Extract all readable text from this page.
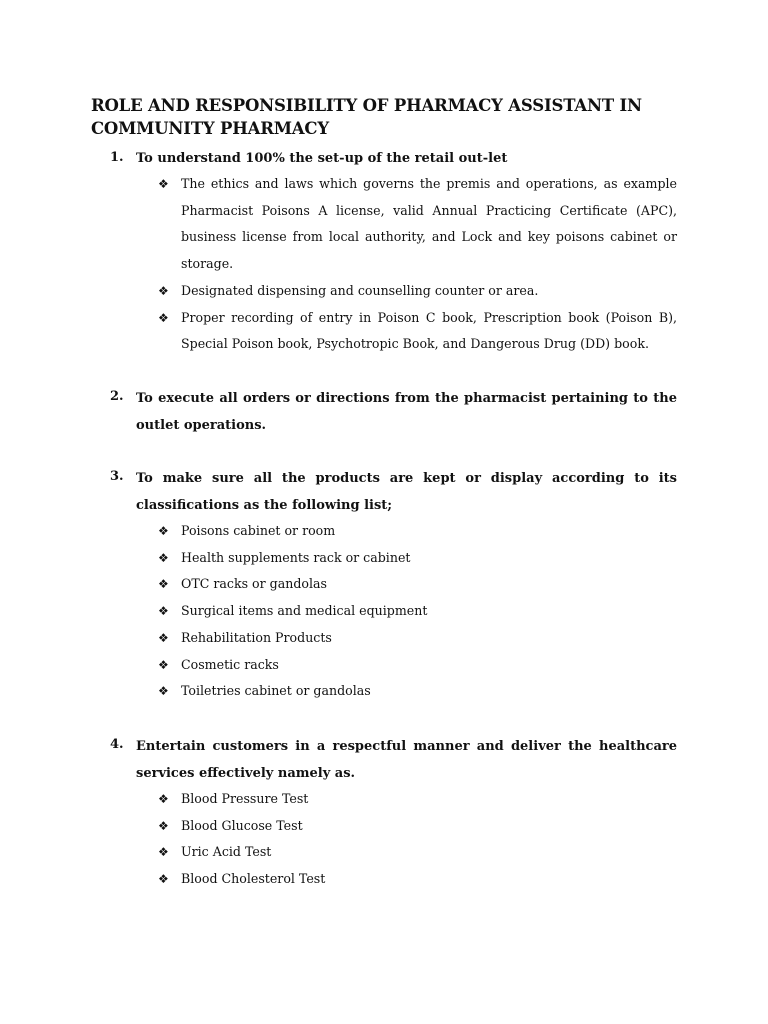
ROLE AND RESPONSIBILITY OF PHARMACY ASSISTANT IN COMMUNITY PHARMACY
1. To understand 100% the set-up of the retail out-let
❖ The ethics and laws which governs the premis and operations, as example Pharmacist Poisons A license, valid Annual Practicing Certificate (APC), business license from local authority, and Lock and key poisons cabinet or storage.
❖ Designated dispensing and counselling counter or area.
❖ Proper recording of entry in Poison C book, Prescription book (Poison B), Special Poison book, Psychotropic Book, and Dangerous Drug (DD) book.
2. To execute all orders or directions from the pharmacist pertaining to the outlet operations.
3. To make sure all the products are kept or display according to its classifications as the following list;
❖ Poisons cabinet or room
❖ Health supplements rack or cabinet
❖ OTC racks or gandolas
❖ Surgical items and medical equipment
❖ Rehabilitation Products
❖ Cosmetic racks
❖ Toiletries cabinet or gandolas
4. Entertain customers in a respectful manner and deliver the healthcare services effectively namely as.
❖ Blood Pressure Test
❖ Blood Glucose Test
❖ Uric Acid Test
❖ Blood Cholesterol Test
